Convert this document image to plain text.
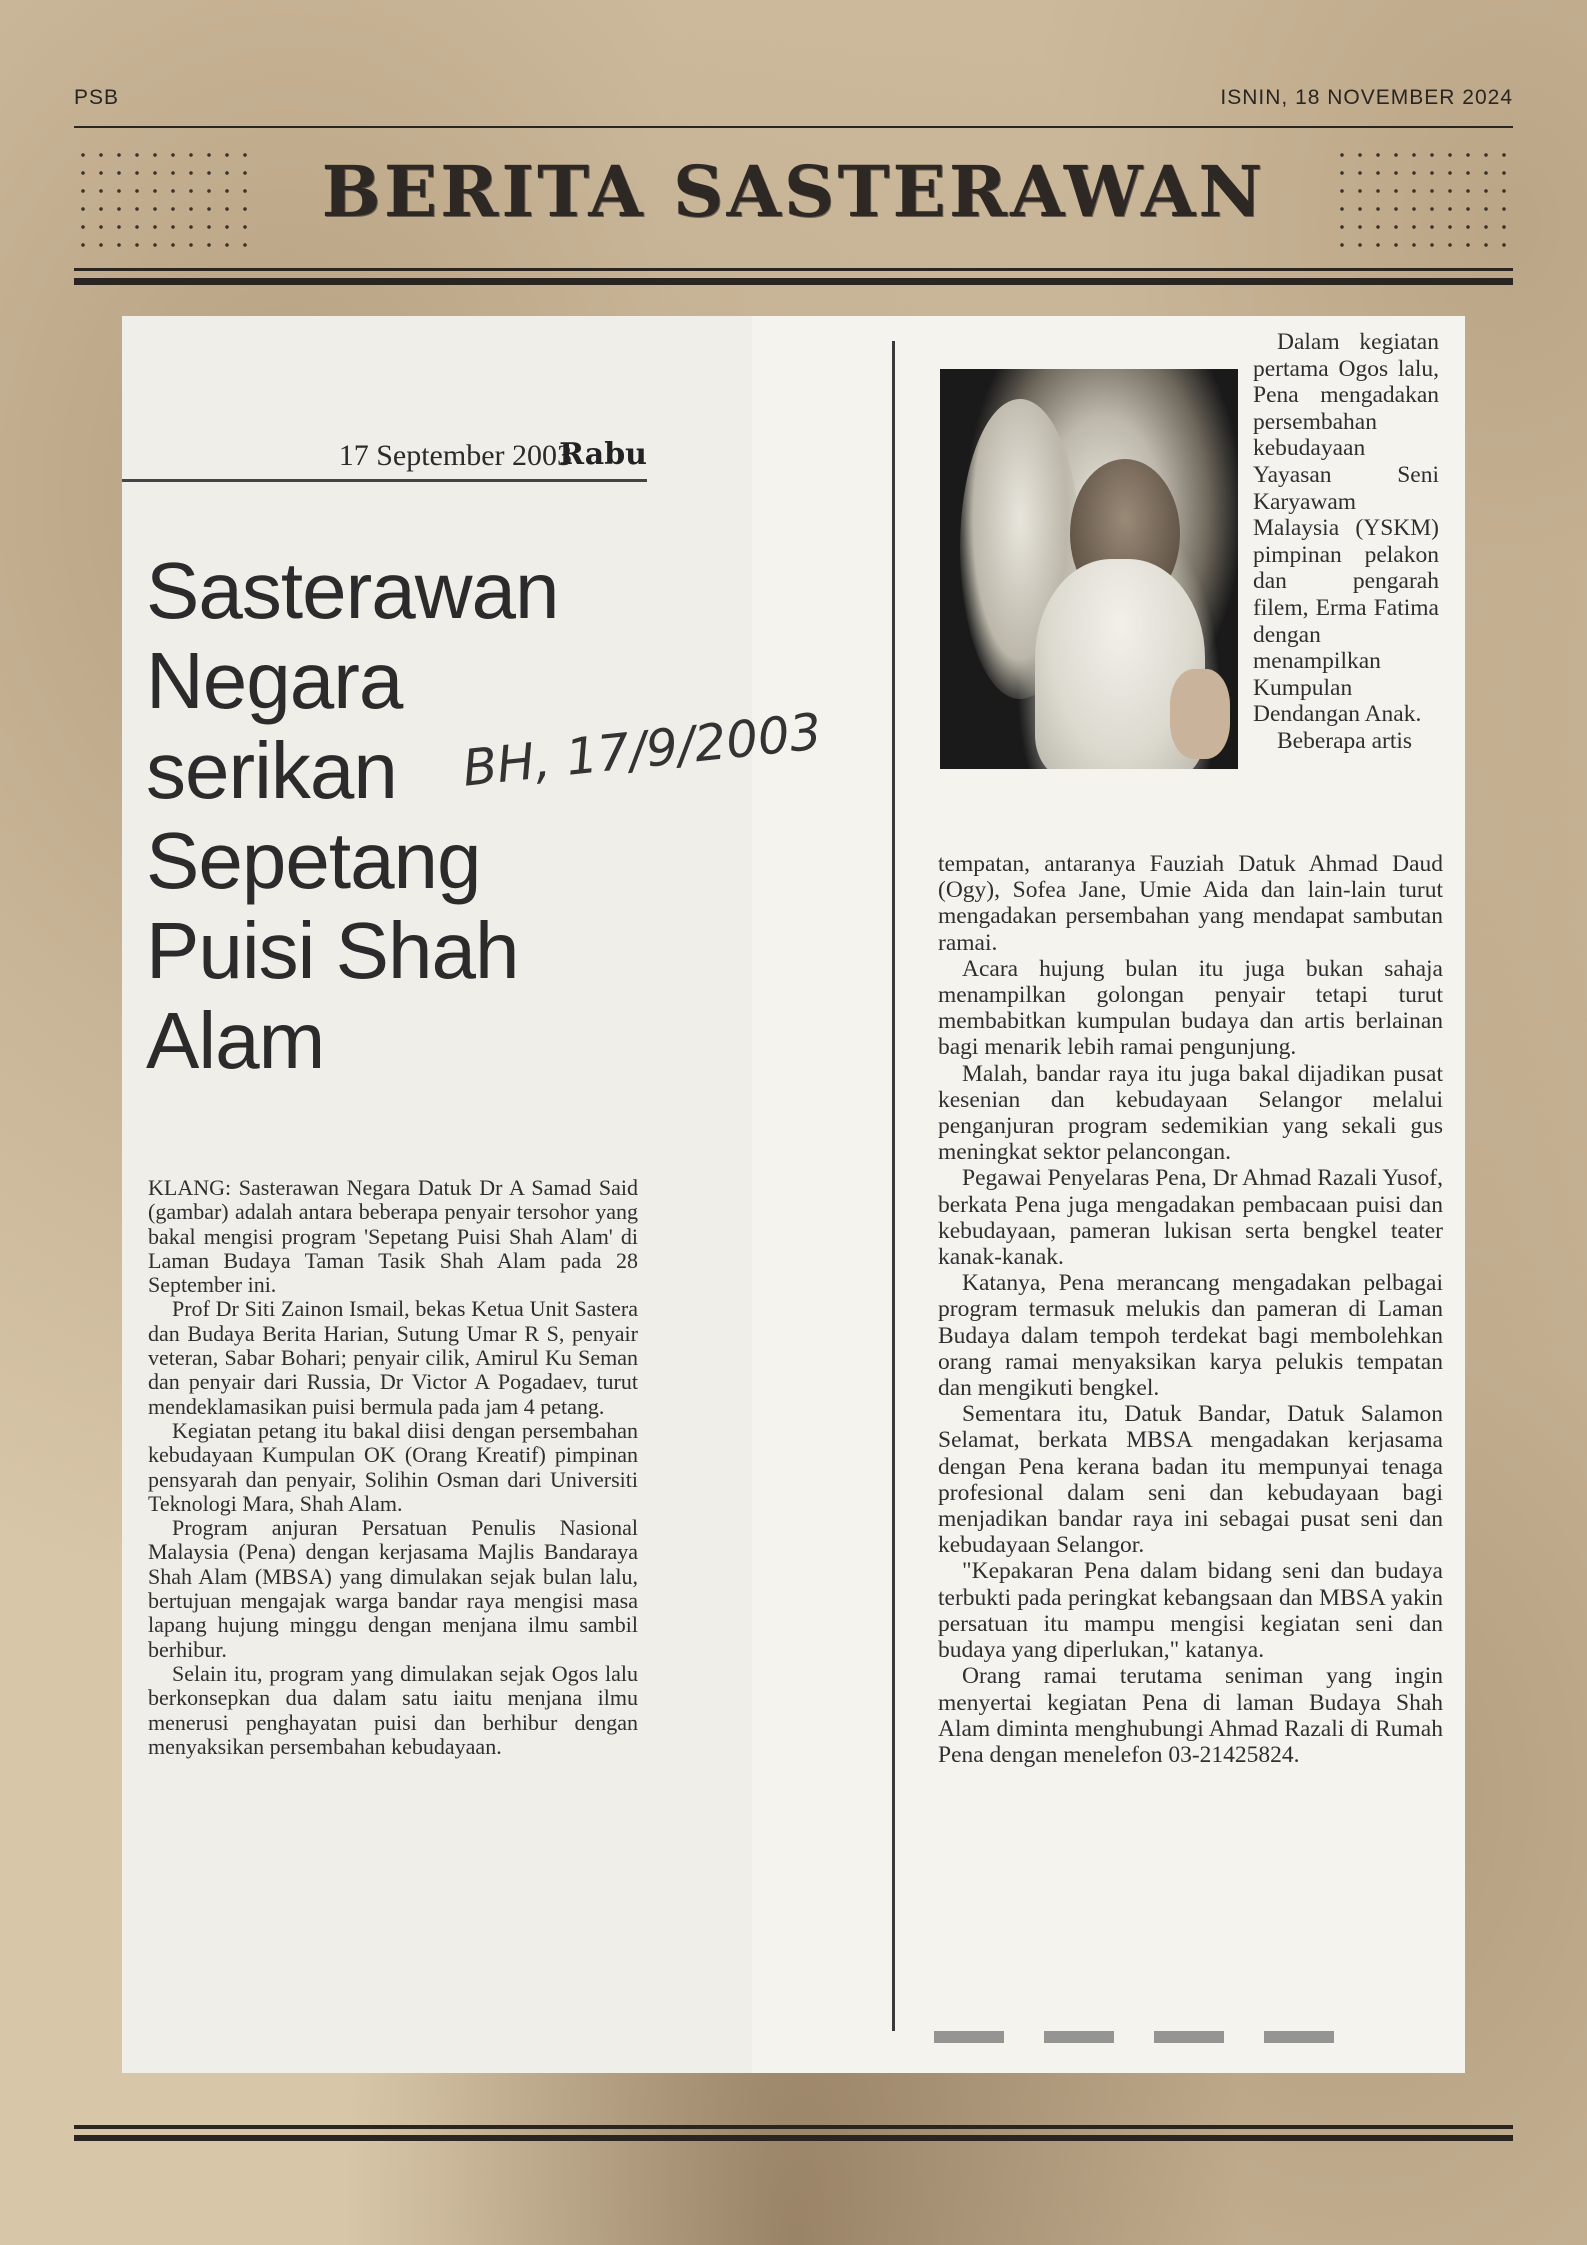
PSB	ISNIN, 18 NOVEMBER 2024
BERITA SASTERAWAN
17 September 2003
Rabu
Sasterawan Negara serikan Sepetang Puisi Shah Alam
BH, 17/9/2003

KLANG: Sasterawan Negara Datuk Dr A Samad Said (gambar) adalah antara beberapa penyair tersohor yang bakal mengisi program 'Sepetang Puisi Shah Alam' di Laman Budaya Taman Tasik Shah Alam pada 28 September ini.

Prof Dr Siti Zainon Ismail, bekas Ketua Unit Sastera dan Budaya Berita Harian, Sutung Umar R S, penyair veteran, Sabar Bohari; penyair cilik, Amirul Ku Seman dan penyair dari Russia, Dr Victor A Pogadaev, turut mendeklamasikan puisi bermula pada jam 4 petang.

Kegiatan petang itu bakal diisi dengan persembahan kebudayaan Kumpulan OK (Orang Kreatif) pimpinan pensyarah dan penyair, Solihin Osman dari Universiti Teknologi Mara, Shah Alam.

Program anjuran Persatuan Penulis Nasional Malaysia (Pena) dengan kerjasama Majlis Bandaraya Shah Alam (MBSA) yang dimulakan sejak bulan lalu, bertujuan mengajak warga bandar raya mengisi masa lapang hujung minggu dengan menjana ilmu sambil berhibur.

Selain itu, program yang dimulakan sejak Ogos lalu berkonsepkan dua dalam satu iaitu menjana ilmu menerusi penghayatan puisi dan berhibur dengan menyaksikan persembahan kebudayaan.

Dalam kegiatan pertama Ogos lalu, Pena mengadakan persembahan kebudayaan Yayasan Seni Karyawam Malaysia (YSKM) pimpinan pelakon dan pengarah filem, Erma Fatima dengan menampilkan Kumpulan Dendangan Anak.

Beberapa artis

tempatan, antaranya Fauziah Datuk Ahmad Daud (Ogy), Sofea Jane, Umie Aida dan lain-lain turut mengadakan persembahan yang mendapat sambutan ramai.

Acara hujung bulan itu juga bukan sahaja menampilkan golongan penyair tetapi turut membabitkan kumpulan budaya dan artis berlainan bagi menarik lebih ramai pengunjung.

Malah, bandar raya itu juga bakal dijadikan pusat kesenian dan kebudayaan Selangor melalui penganjuran program sedemikian yang sekali gus meningkat sektor pelancongan.

Pegawai Penyelaras Pena, Dr Ahmad Razali Yusof, berkata Pena juga mengadakan pembacaan puisi dan kebudayaan, pameran lukisan serta bengkel teater kanak-kanak.

Katanya, Pena merancang mengadakan pelbagai program termasuk melukis dan pameran di Laman Budaya dalam tempoh terdekat bagi membolehkan orang ramai menyaksikan karya pelukis tempatan dan mengikuti bengkel.

Sementara itu, Datuk Bandar, Datuk Salamon Selamat, berkata MBSA mengadakan kerjasama dengan Pena kerana badan itu mempunyai tenaga profesional dalam seni dan kebudayaan bagi menjadikan bandar raya ini sebagai pusat seni dan kebudayaan Selangor.

"Kepakaran Pena dalam bidang seni dan budaya terbukti pada peringkat kebangsaan dan MBSA yakin persatuan itu mampu mengisi kegiatan seni dan budaya yang diperlukan," katanya.

Orang ramai terutama seniman yang ingin menyertai kegiatan Pena di laman Budaya Shah Alam diminta menghubungi Ahmad Razali di Rumah Pena dengan menelefon 03-21425824.
